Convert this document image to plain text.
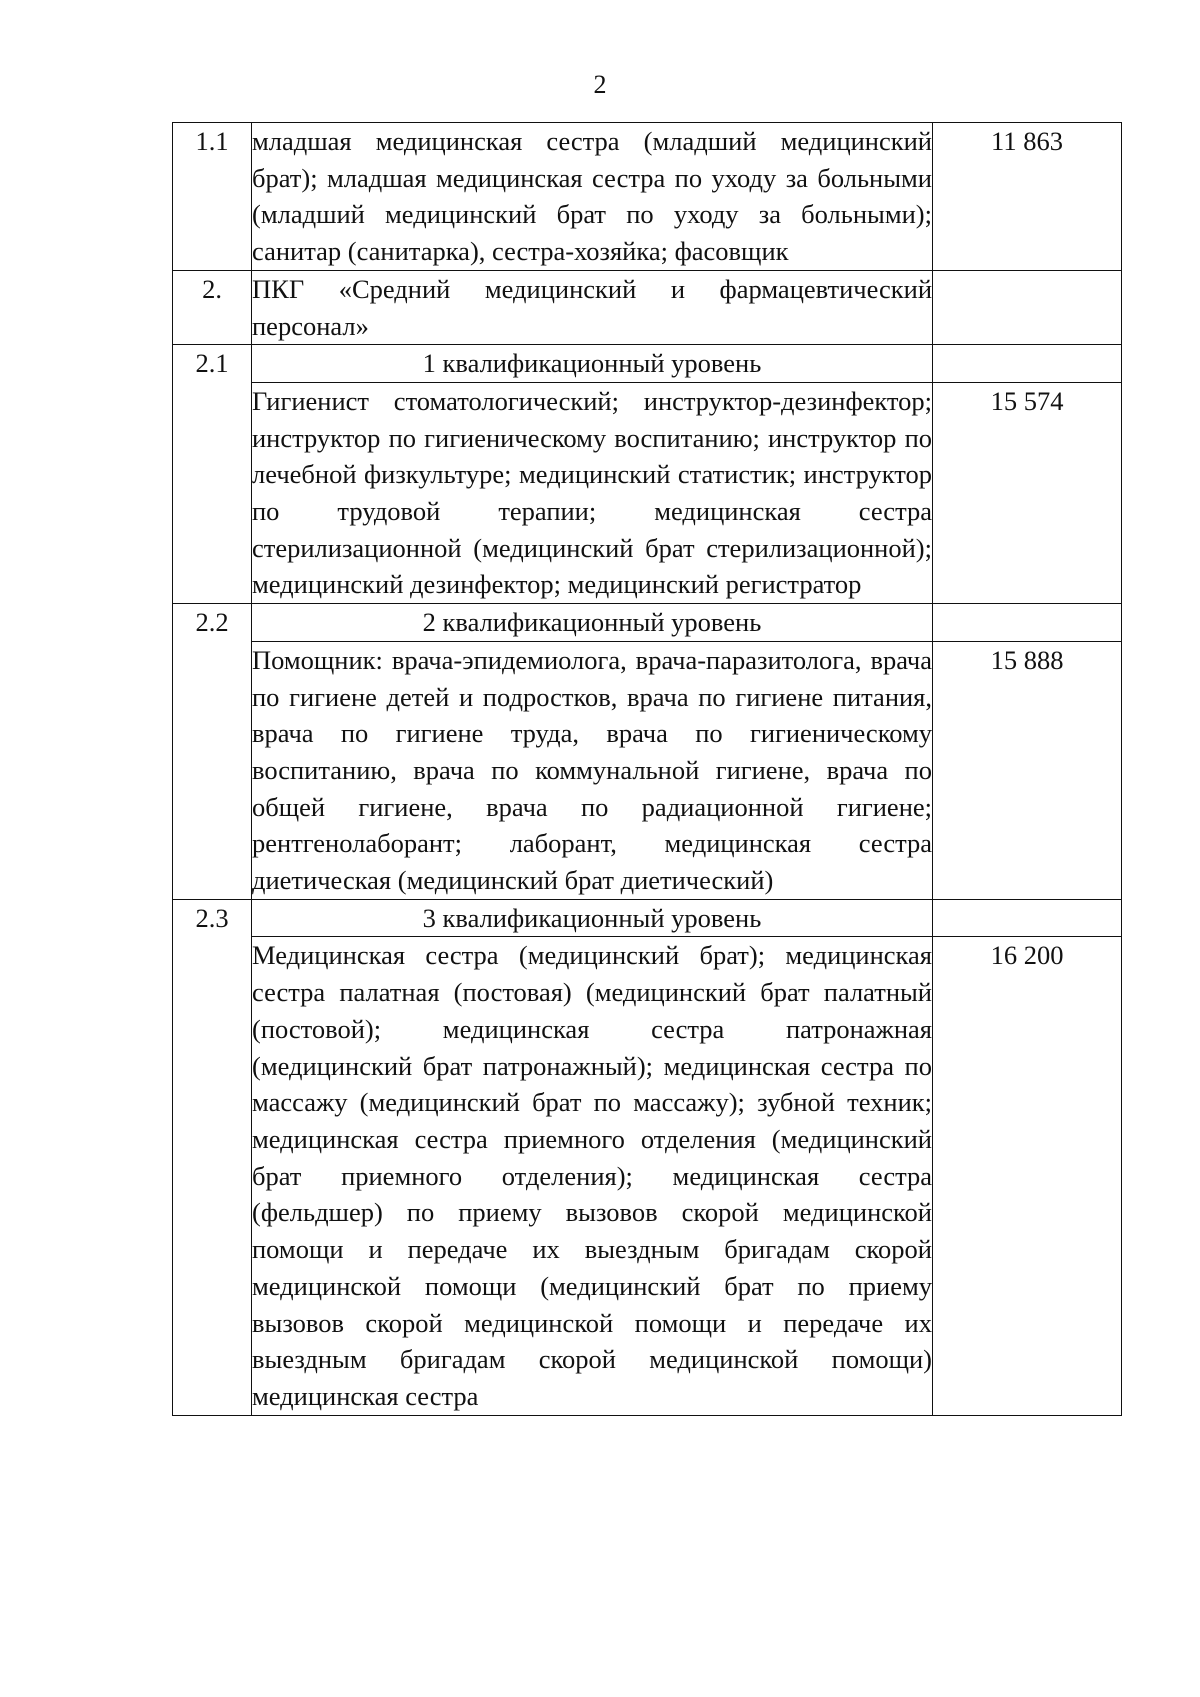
2
1.1	младшая медицинская сестра (младший медицинский брат); младшая медицинская сестра по уходу за больными (младший медицинский брат по уходу за больными); санитар (санитарка), сестра-хозяйка; фасовщик	11 863
2.	ПКГ «Средний медицинский и фармацевтический персонал»	
2.1	1 квалификационный уровень	
	Гигиенист стоматологический; инструктор-дезинфектор; инструктор по гигиеническому воспитанию; инструктор по лечебной физкультуре; медицинский статистик; инструктор по трудовой терапии; медицинская сестра стерилизационной (медицинский брат стерилизационной); медицинский дезинфектор; медицинский регистратор	15 574
2.2	2 квалификационный уровень	
	Помощник: врача-эпидемиолога, врача-паразитолога, врача по гигиене детей и подростков, врача по гигиене питания, врача по гигиене труда, врача по гигиеническому воспитанию, врача по коммунальной гигиене, врача по общей гигиене, врача по радиационной гигиене; рентгенолаборант; лаборант, медицинская сестра диетическая (медицинский брат диетический)	15 888
2.3	3 квалификационный уровень	
	Медицинская сестра (медицинский брат); медицинская сестра палатная (постовая) (медицинский брат палатный (постовой); медицинская сестра патронажная (медицинский брат патронажный); медицинская сестра по массажу (медицинский брат по массажу); зубной техник; медицинская сестра приемного отделения (медицинский брат приемного отделения); медицинская сестра (фельдшер) по приему вызовов скорой медицинской помощи и передаче их выездным бригадам скорой медицинской помощи (медицинский брат по приему вызовов скорой медицинской помощи и передаче их выездным бригадам скорой медицинской помощи) медицинская сестра	16 200
